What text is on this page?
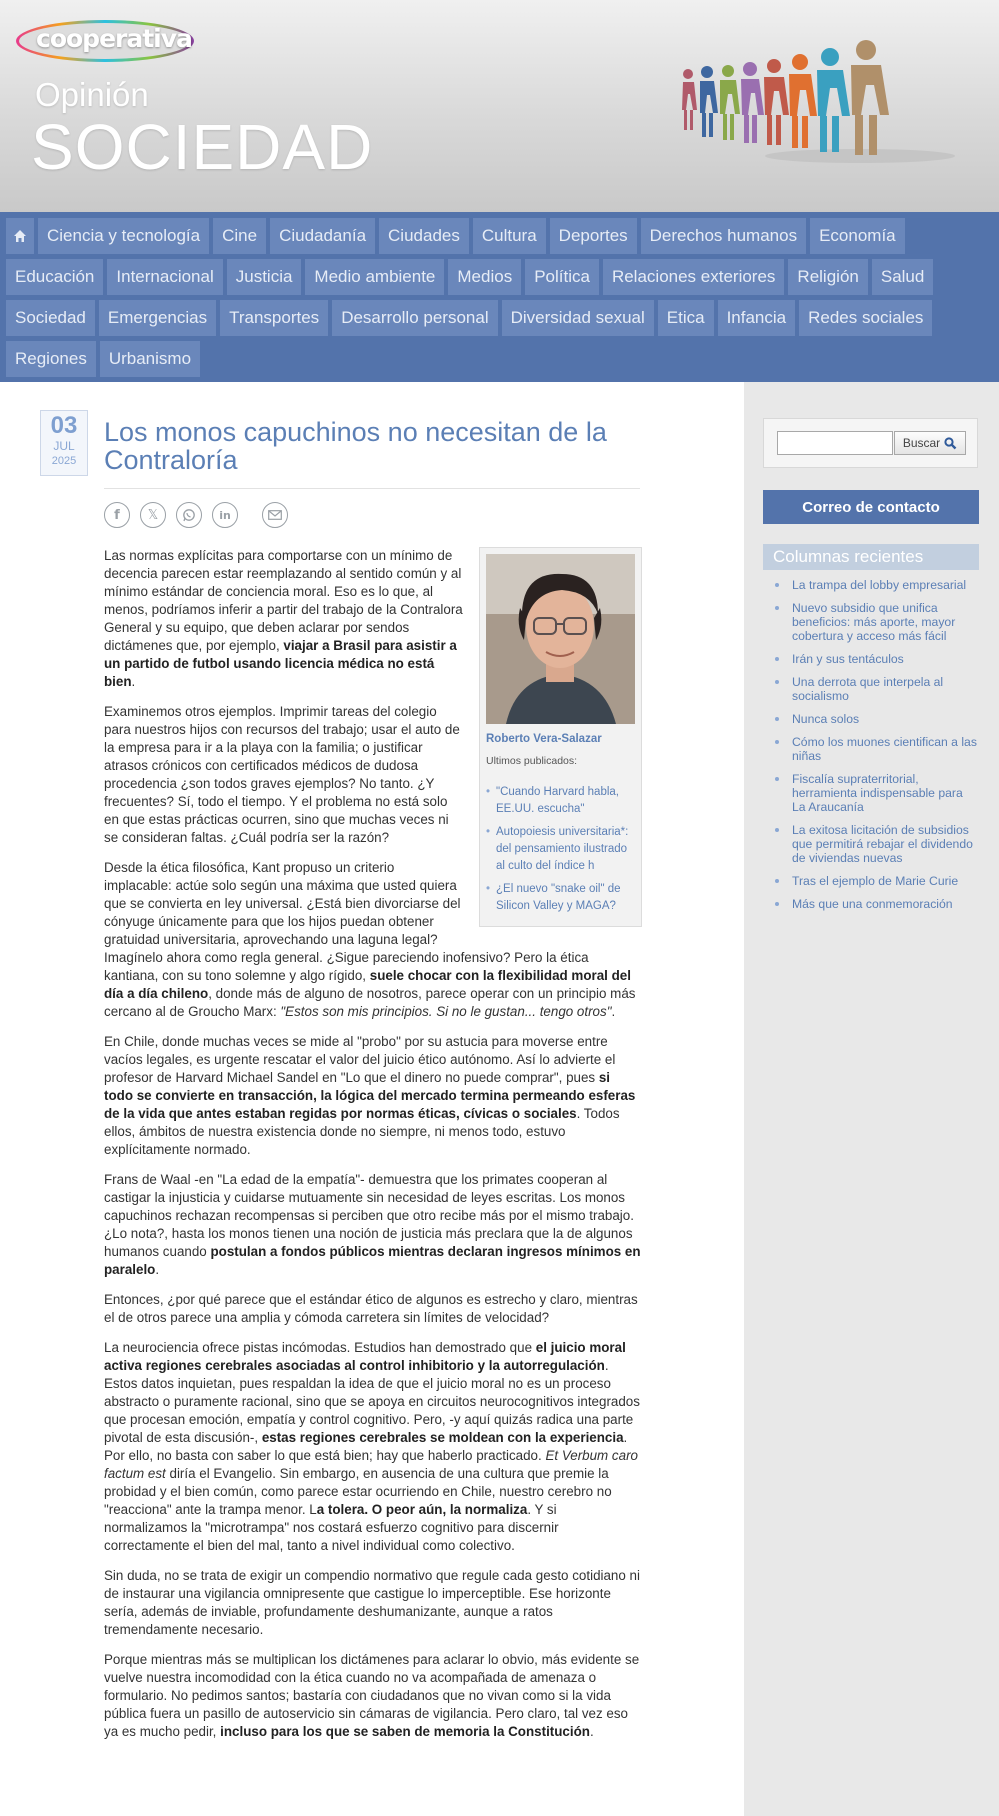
cooperativa
Opinión
SOCIEDAD
Ciencia y tecnología	Cine	Ciudadanía	Ciudades	Cultura	Deportes	Derechos humanos	Economía
Educación	Internacional	Justicia	Medio ambiente	Medios	Política	Relaciones exteriores	Religión	Salud
Sociedad	Emergencias	Transportes	Desarrollo personal	Diversidad sexual	Etica	Infancia	Redes sociales
Regiones	Urbanismo
03
JUL
2025
Los monos capuchinos no necesitan de la Contraloría
f 𝕏	in
Roberto Vera-Salazar
Ultimos publicados:
• "Cuando Harvard habla, EE.UU. escucha"
• Autopoiesis universitaria*: del pensamiento ilustrado al culto del índice h
• ¿El nuevo "snake oil" de Silicon Valley y MAGA?

Las normas explícitas para comportarse con un mínimo de decencia parecen estar reemplazando al sentido común y al mínimo estándar de conciencia moral. Eso es lo que, al menos, podríamos inferir a partir del trabajo de la Contralora General y su equipo, que deben aclarar por sendos dictámenes que, por ejemplo, viajar a Brasil para asistir a un partido de futbol usando licencia médica no está bien.

Examinemos otros ejemplos. Imprimir tareas del colegio para nuestros hijos con recursos del trabajo; usar el auto de la empresa para ir a la playa con la familia; o justificar atrasos crónicos con certificados médicos de dudosa procedencia ¿son todos graves ejemplos? No tanto. ¿Y frecuentes? Sí, todo el tiempo. Y el problema no está solo en que estas prácticas ocurren, sino que muchas veces ni se consideran faltas. ¿Cuál podría ser la razón?

Desde la ética filosófica, Kant propuso un criterio implacable: actúe solo según una máxima que usted quiera que se convierta en ley universal. ¿Está bien divorciarse del cónyuge únicamente para que los hijos puedan obtener gratuidad universitaria, aprovechando una laguna legal? Imagínelo ahora como regla general. ¿Sigue pareciendo inofensivo? Pero la ética kantiana, con su tono solemne y algo rígido, suele chocar con la flexibilidad moral del día a día chileno, donde más de alguno de nosotros, parece operar con un principio más cercano al de Groucho Marx: "Estos son mis principios. Si no le gustan... tengo otros".

En Chile, donde muchas veces se mide al "probo" por su astucia para moverse entre vacíos legales, es urgente rescatar el valor del juicio ético autónomo. Así lo advierte el profesor de Harvard Michael Sandel en "Lo que el dinero no puede comprar", pues si todo se convierte en transacción, la lógica del mercado termina permeando esferas de la vida que antes estaban regidas por normas éticas, cívicas o sociales. Todos ellos, ámbitos de nuestra existencia donde no siempre, ni menos todo, estuvo explícitamente normado.

Frans de Waal -en "La edad de la empatía"- demuestra que los primates cooperan al castigar la injusticia y cuidarse mutuamente sin necesidad de leyes escritas. Los monos capuchinos rechazan recompensas si perciben que otro recibe más por el mismo trabajo. ¿Lo nota?, hasta los monos tienen una noción de justicia más preclara que la de algunos humanos cuando postulan a fondos públicos mientras declaran ingresos mínimos en paralelo.

Entonces, ¿por qué parece que el estándar ético de algunos es estrecho y claro, mientras el de otros parece una amplia y cómoda carretera sin límites de velocidad?

La neurociencia ofrece pistas incómodas. Estudios han demostrado que el juicio moral activa regiones cerebrales asociadas al control inhibitorio y la autorregulación. Estos datos inquietan, pues respaldan la idea de que el juicio moral no es un proceso abstracto o puramente racional, sino que se apoya en circuitos neurocognitivos integrados que procesan emoción, empatía y control cognitivo. Pero, -y aquí quizás radica una parte pivotal de esta discusión-, estas regiones cerebrales se moldean con la experiencia. Por ello, no basta con saber lo que está bien; hay que haberlo practicado. Et Verbum caro factum est diría el Evangelio. Sin embargo, en ausencia de una cultura que premie la probidad y el bien común, como parece estar ocurriendo en Chile, nuestro cerebro no "reacciona" ante la trampa menor. La tolera. O peor aún, la normaliza. Y si normalizamos la "microtrampa" nos costará esfuerzo cognitivo para discernir correctamente el bien del mal, tanto a nivel individual como colectivo.

Sin duda, no se trata de exigir un compendio normativo que regule cada gesto cotidiano ni de instaurar una vigilancia omnipresente que castigue lo imperceptible. Ese horizonte sería, además de inviable, profundamente deshumanizante, aunque a ratos tremendamente necesario.

Porque mientras más se multiplican los dictámenes para aclarar lo obvio, más evidente se vuelve nuestra incomodidad con la ética cuando no va acompañada de amenaza o formulario. No pedimos santos; bastaría con ciudadanos que no vivan como si la vida pública fuera un pasillo de autoservicio sin cámaras de vigilancia. Pero claro, tal vez eso ya es mucho pedir, incluso para los que se saben de memoria la Constitución.

Buscar
Correo de contacto
Columnas recientes
La trampa del lobby empresarial
Nuevo subsidio que unifica beneficios: más aporte, mayor cobertura y acceso más fácil
Irán y sus tentáculos
Una derrota que interpela al socialismo
Nunca solos
Cómo los muones cientifican a las niñas
Fiscalía supraterritorial, herramienta indispensable para La Araucanía
La exitosa licitación de subsidios que permitirá rebajar el dividendo de viviendas nuevas
Tras el ejemplo de Marie Curie
Más que una conmemoración
